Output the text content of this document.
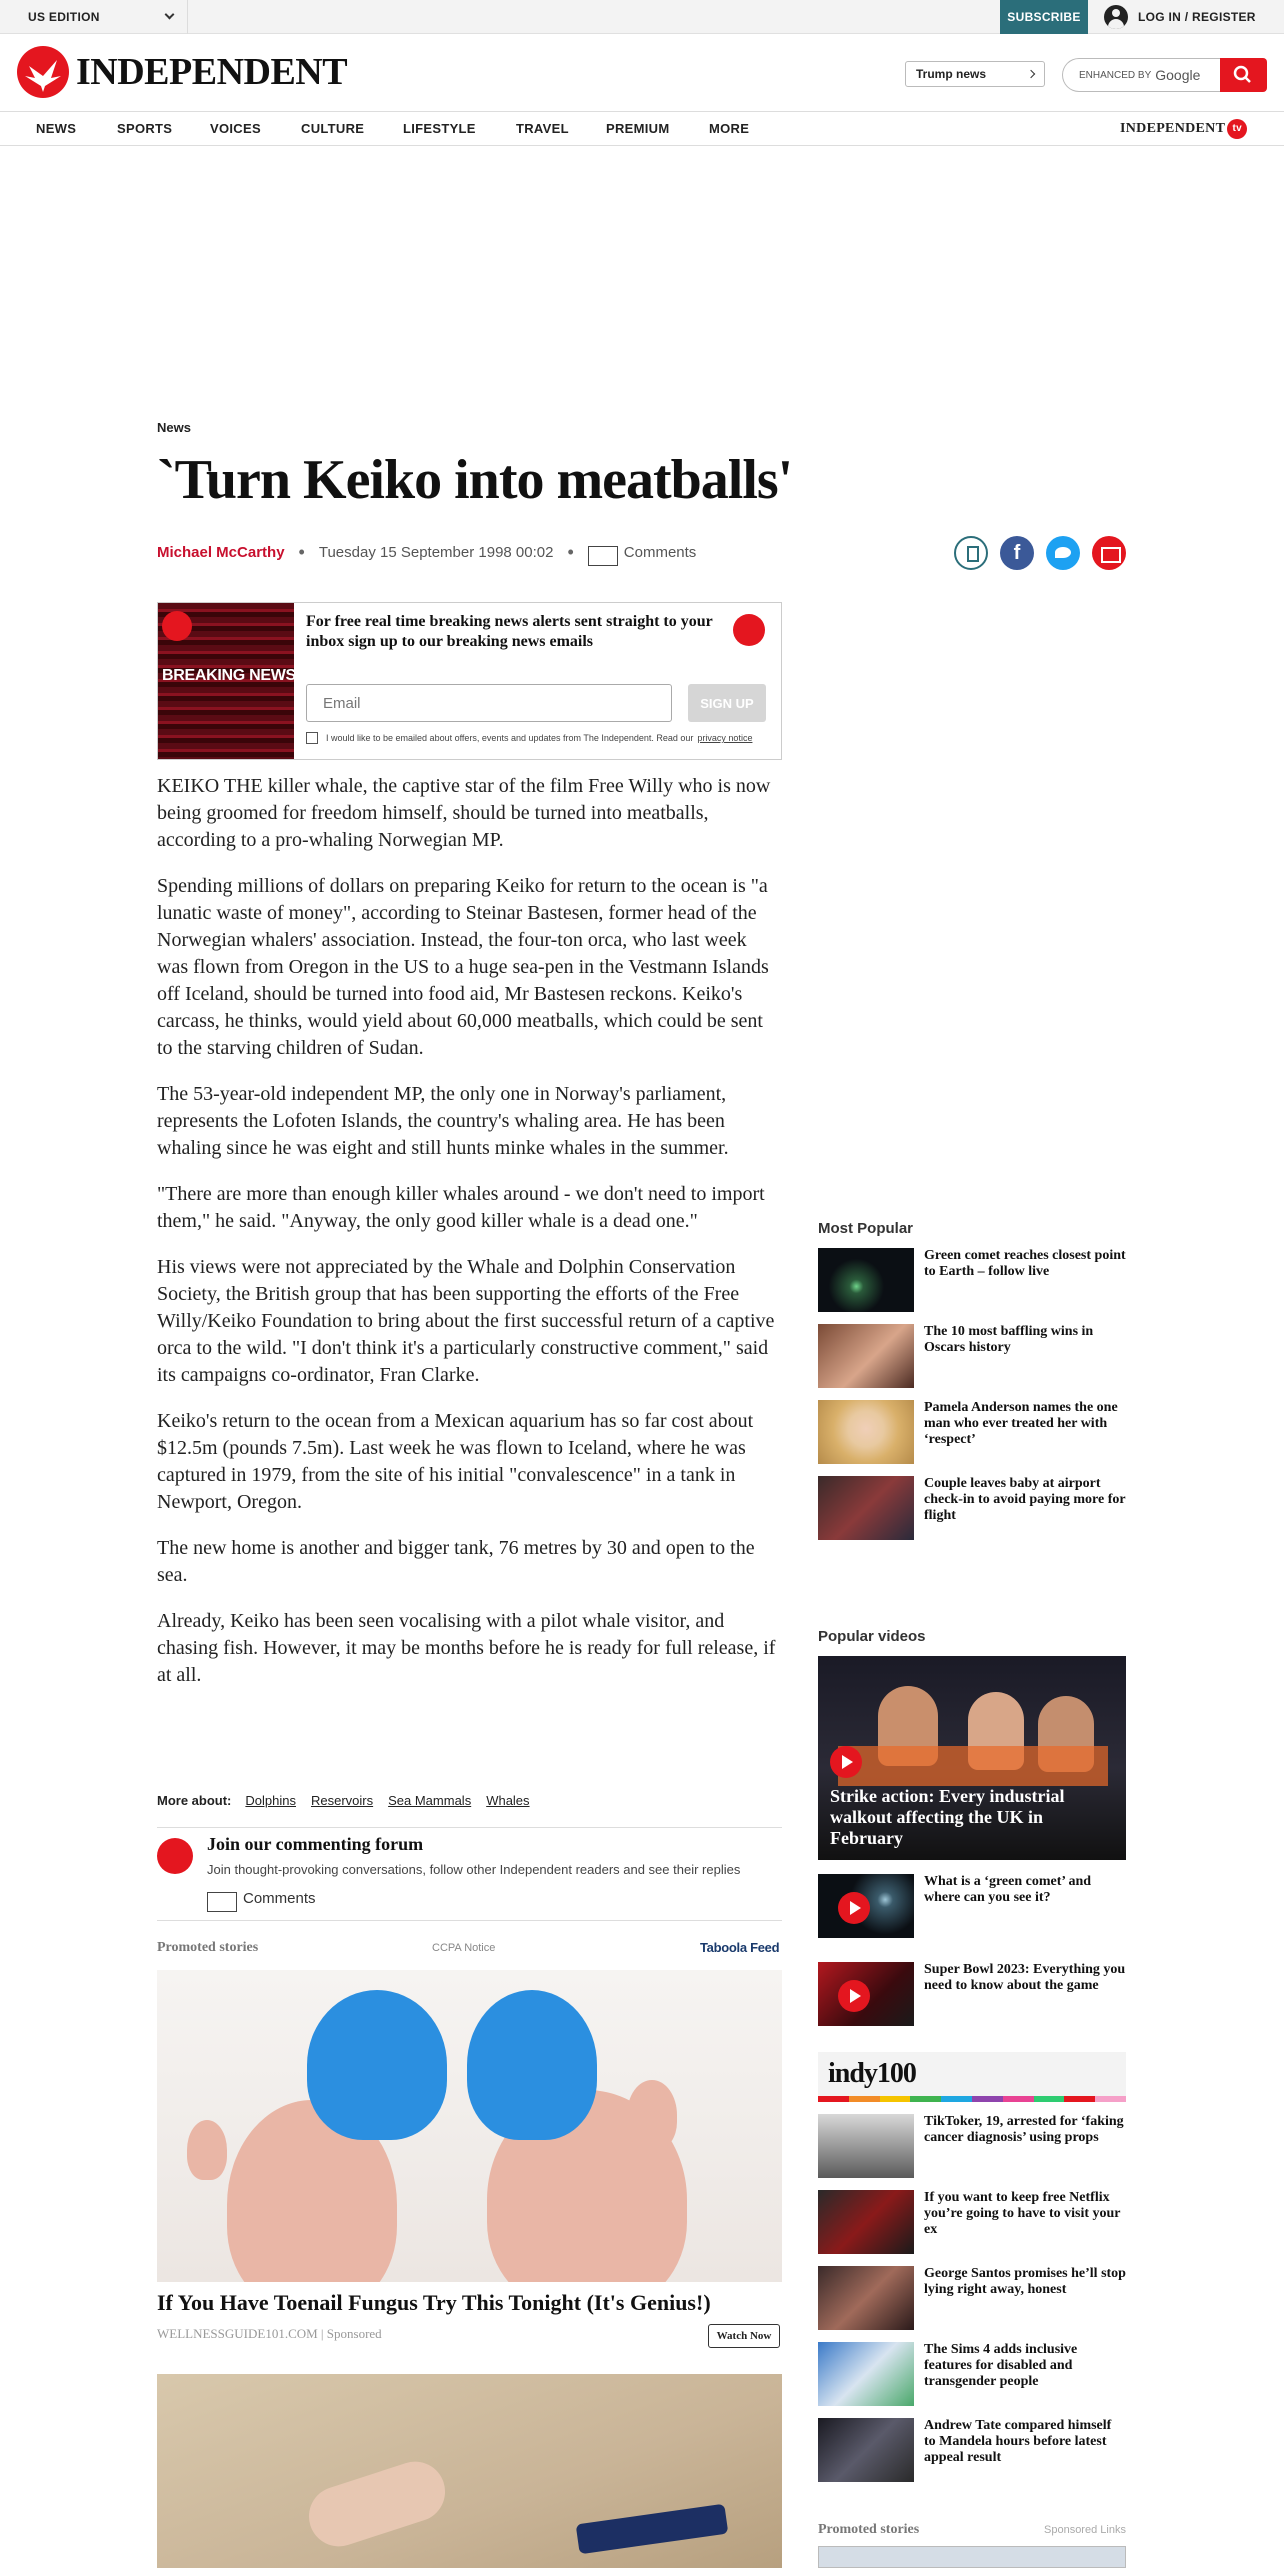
US EDITION	SUBSCRIBE	LOG IN / REGISTER
INDEPENDENT	Trump news	ENHANCED BY Google
NEWS	SPORTS	VOICES	CULTURE	LIFESTYLE	TRAVEL	PREMIUM	MORE	INDEPENDENT tv
News
`Turn Keiko into meatballs'
Michael McCarthy • Tuesday 15 September 1998 00:02 •	Comments	f
BREAKING NEWS
For free real time breaking news alerts sent straight to your inbox sign up to our breaking news emails
Email	SIGN UP
I would like to be emailed about offers, events and updates from The Independent. Read our privacy notice

KEIKO THE killer whale, the captive star of the film Free Willy who is now being groomed for freedom himself, should be turned into meatballs, according to a pro-whaling Norwegian MP.

Spending millions of dollars on preparing Keiko for return to the ocean is "a lunatic waste of money", according to Steinar Bastesen, former head of the Norwegian whalers' association. Instead, the four-ton orca, who last week was flown from Oregon in the US to a huge sea-pen in the Vestmann Islands off Iceland, should be turned into food aid, Mr Bastesen reckons. Keiko's carcass, he thinks, would yield about 60,000 meatballs, which could be sent to the starving children of Sudan.

The 53-year-old independent MP, the only one in Norway's parliament, represents the Lofoten Islands, the country's whaling area. He has been whaling since he was eight and still hunts minke whales in the summer.

"There are more than enough killer whales around - we don't need to import them," he said. "Anyway, the only good killer whale is a dead one."

His views were not appreciated by the Whale and Dolphin Conservation Society, the British group that has been supporting the efforts of the Free Willy/Keiko Foundation to bring about the first successful return of a captive orca to the wild. "I don't think it's a particularly constructive comment," said its campaigns co-ordinator, Fran Clarke.

Keiko's return to the ocean from a Mexican aquarium has so far cost about $12.5m (pounds 7.5m). Last week he was flown to Iceland, where he was captured in 1979, from the site of his initial "convalescence" in a tank in Newport, Oregon.

The new home is another and bigger tank, 76 metres by 30 and open to the sea.

Already, Keiko has been seen vocalising with a pilot whale visitor, and chasing fish. However, it may be months before he is ready for full release, if at all.

More about: Dolphins Reservoirs Sea Mammals Whales
Join our commenting forum
Join thought-provoking conversations, follow other Independent readers and see their replies
Comments
Promoted stories	CCPA Notice	Taboola Feed
If You Have Toenail Fungus Try This Tonight (It's Genius!)
WELLNESSGUIDE101.COM | Sponsored	Watch Now
Most Popular
Green comet reaches closest point to Earth – follow live
The 10 most baffling wins in Oscars history
Pamela Anderson names the one man who ever treated her with ‘respect’
Couple leaves baby at airport check-in to avoid paying more for flight
Popular videos
Strike action: Every industrial walkout affecting the UK in February
What is a ‘green comet’ and where can you see it?
Super Bowl 2023: Everything you need to know about the game
indy100
TikToker, 19, arrested for ‘faking cancer diagnosis’ using props
If you want to keep free Netflix you’re going to have to visit your ex
George Santos promises he’ll stop lying right away, honest
The Sims 4 adds inclusive features for disabled and transgender people
Andrew Tate compared himself to Mandela hours before latest appeal result
Promoted stories	Sponsored Links
